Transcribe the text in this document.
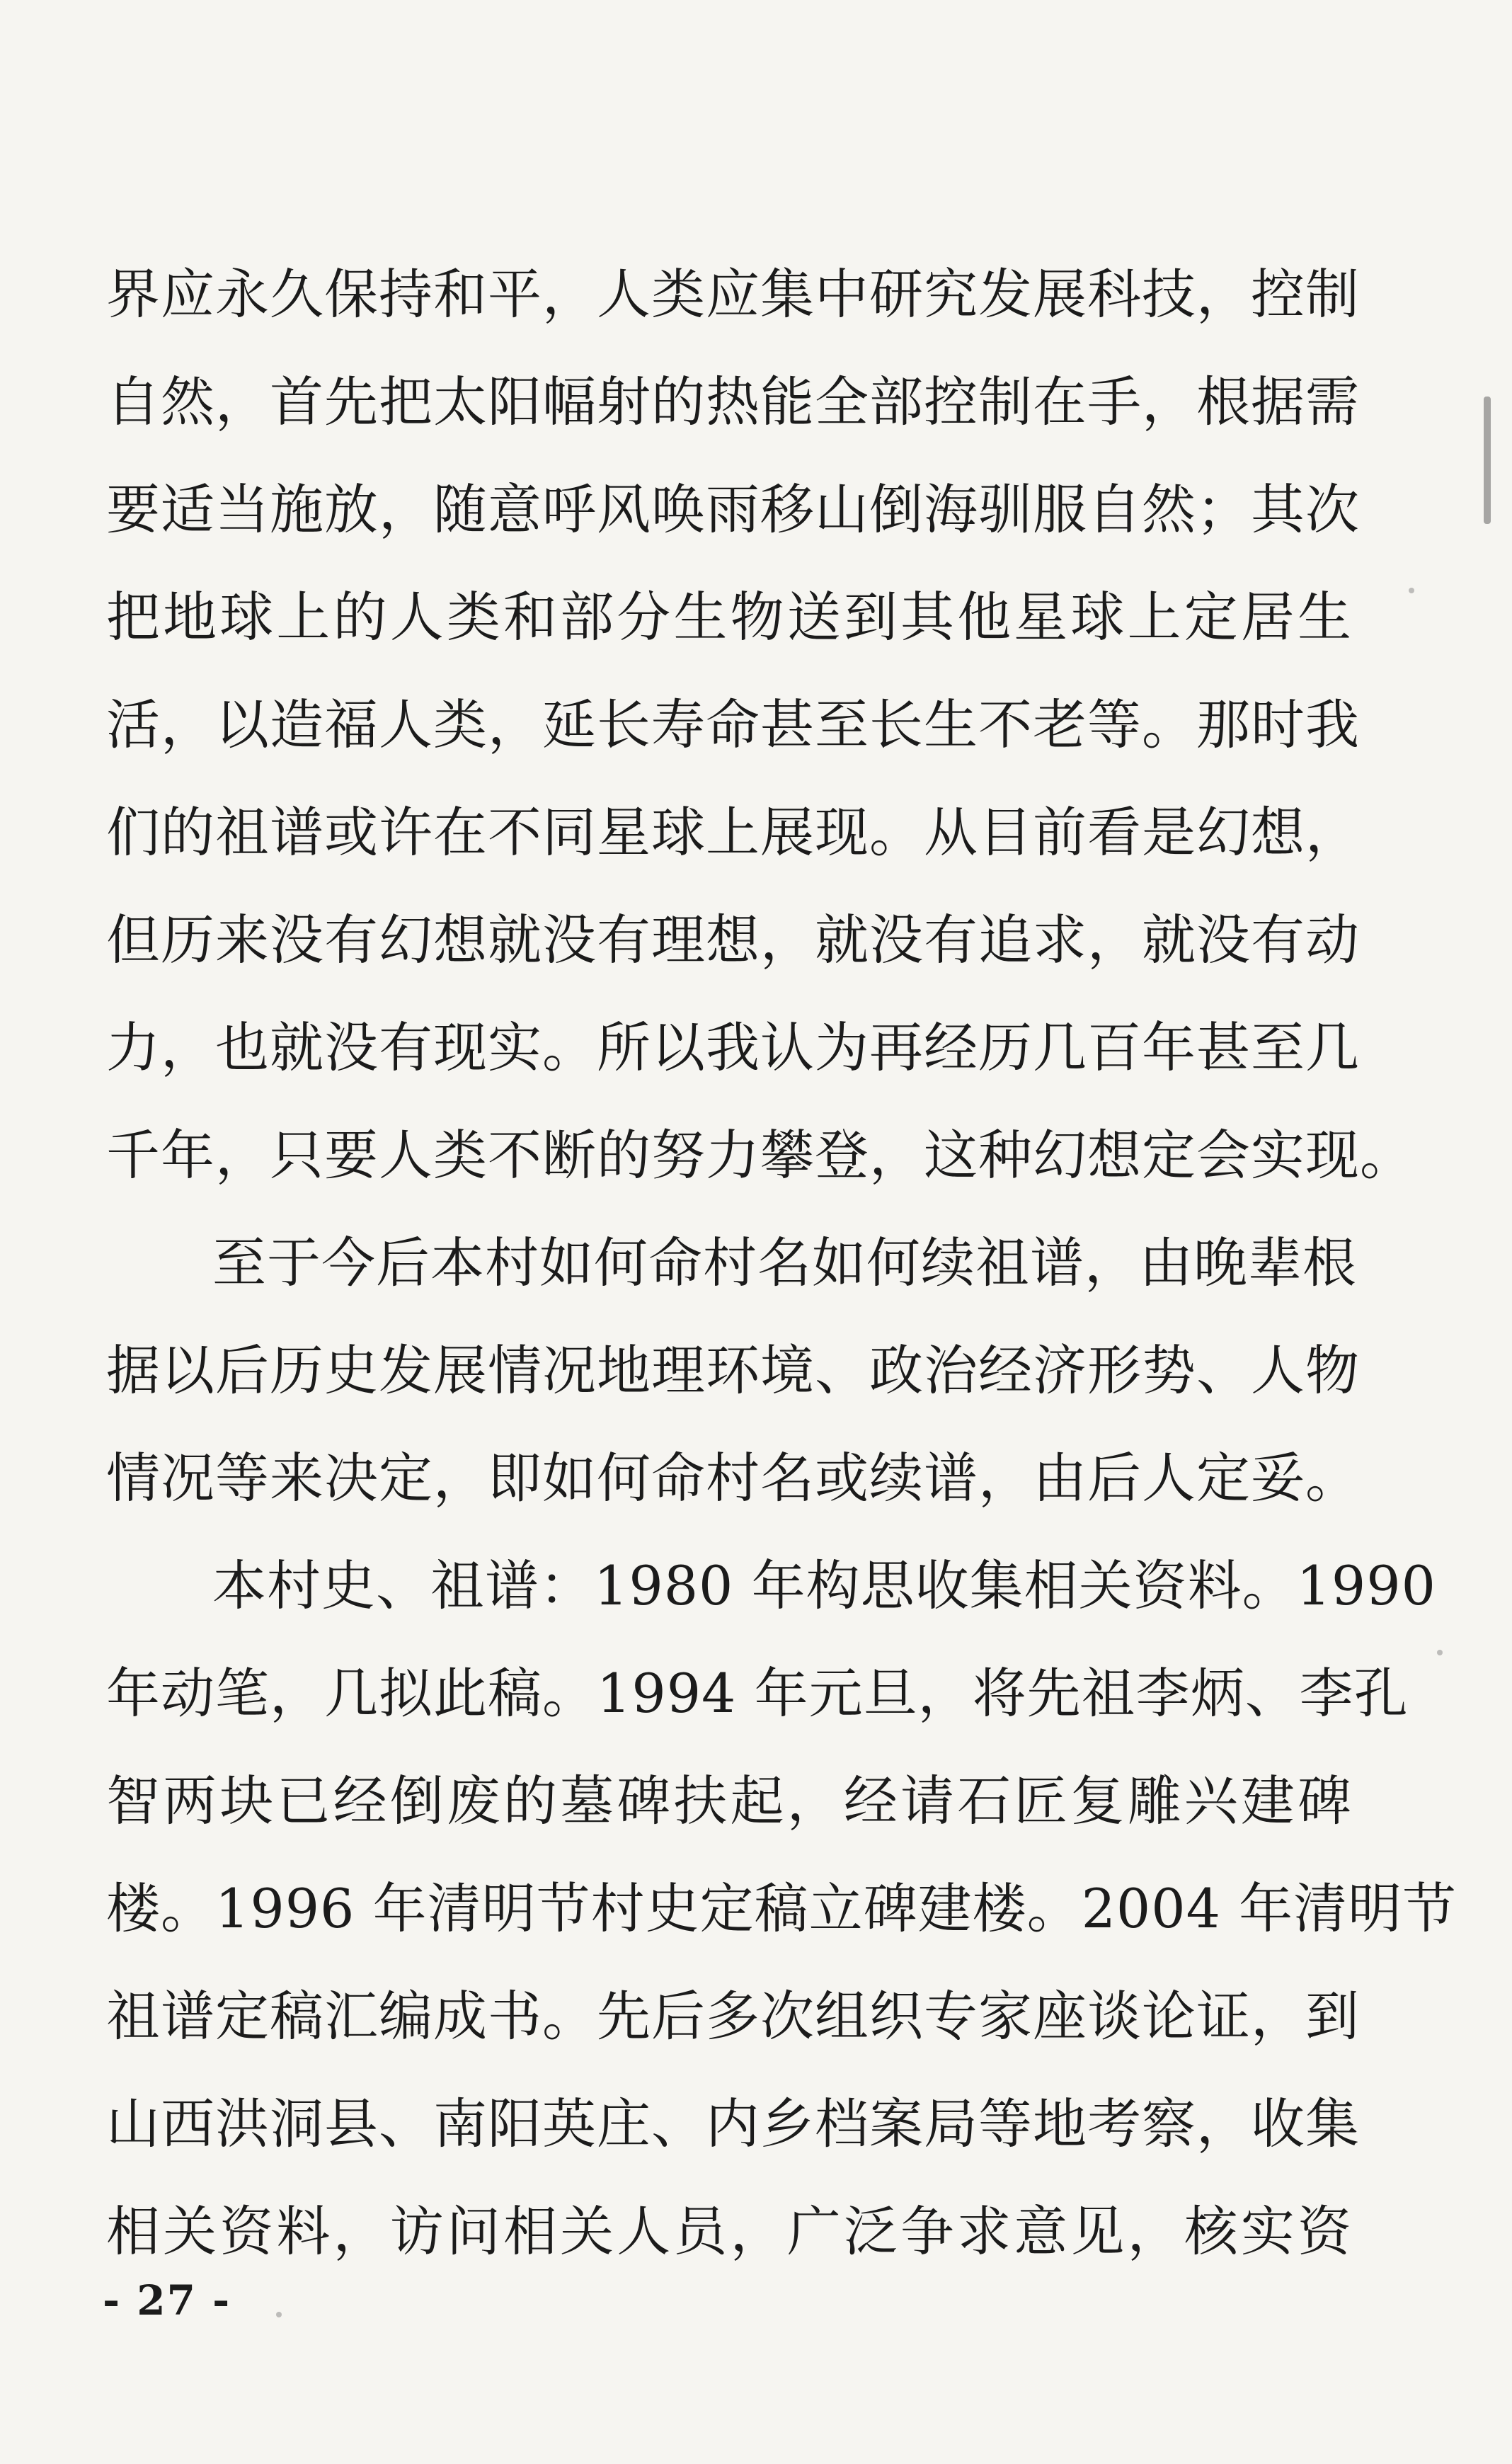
界应永久保持和平，人类应集中研究发展科技，控制
自然，首先把太阳幅射的热能全部控制在手，根据需
要适当施放，随意呼风唤雨移山倒海驯服自然；其次
把地球上的人类和部分生物送到其他星球上定居生
活，以造福人类，延长寿命甚至长生不老等。那时我
们的祖谱或许在不同星球上展现。从目前看是幻想，
但历来没有幻想就没有理想，就没有追求，就没有动
力，也就没有现实。所以我认为再经历几百年甚至几
千年，只要人类不断的努力攀登，这种幻想定会实现。
至于今后本村如何命村名如何续祖谱，由晚辈根
据以后历史发展情况地理环境、政治经济形势、人物
情况等来决定，即如何命村名或续谱，由后人定妥。
本村史、祖谱：1980 年构思收集相关资料。1990
年动笔，几拟此稿。1994 年元旦，将先祖李炳、李孔
智两块已经倒废的墓碑扶起，经请石匠复雕兴建碑
楼。1996 年清明节村史定稿立碑建楼。2004 年清明节
祖谱定稿汇编成书。先后多次组织专家座谈论证，到
山西洪洞县、南阳英庄、内乡档案局等地考察，收集
相关资料，访问相关人员，广泛争求意见，核实资
- 27 -
